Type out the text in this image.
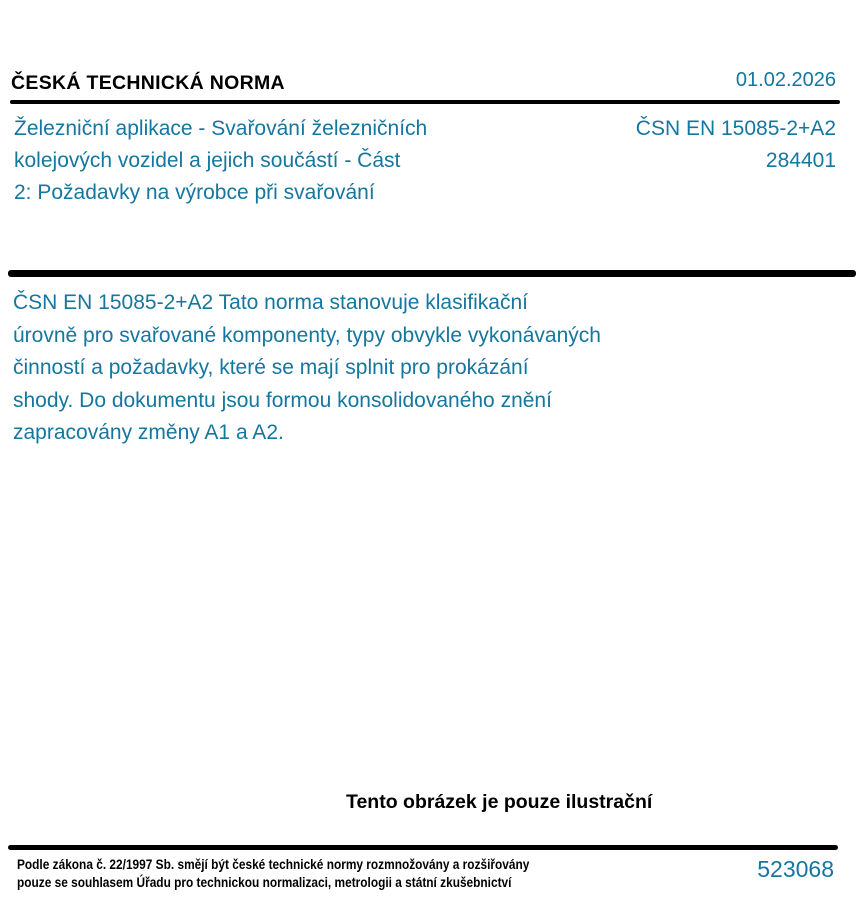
ČESKÁ TECHNICKÁ NORMA	01.02.2026
Železniční aplikace - Svařování železničních
kolejových vozidel a jejich součástí - Část
2: Požadavky na výrobce při svařování
ČSN EN 15085-2+A2
284401
ČSN EN 15085-2+A2 Tato norma stanovuje klasifikační
úrovně pro svařované komponenty, typy obvykle vykonávaných
činností a požadavky, které se mají splnit pro prokázání
shody. Do dokumentu jsou formou konsolidovaného znění
zapracovány změny A1 a A2.
Tento obrázek je pouze ilustrační
Podle zákona č. 22/1997 Sb. smějí být české technické normy rozmnožovány a rozšiřovány
pouze se souhlasem Úřadu pro technickou normalizaci, metrologii a státní zkušebnictví
523068
